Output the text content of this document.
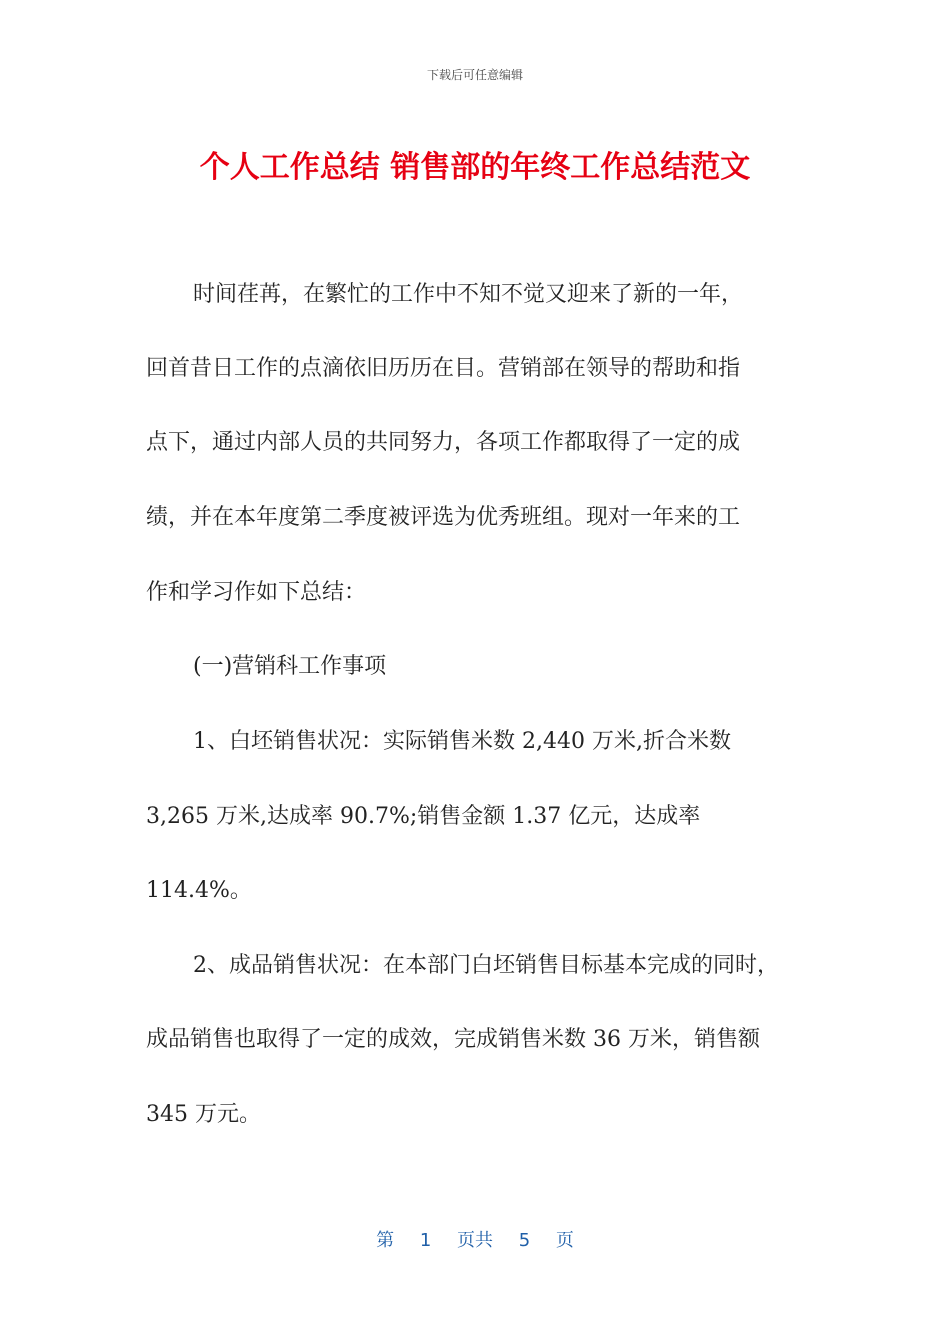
下载后可任意编辑
个人工作总结 销售部的年终工作总结范文
时间荏苒，在繁忙的工作中不知不觉又迎来了新的一年，
回首昔日工作的点滴依旧历历在目。营销部在领导的帮助和指
点下，通过内部人员的共同努力，各项工作都取得了一定的成
绩，并在本年度第二季度被评选为优秀班组。现对一年来的工
作和学习作如下总结：
(一)营销科工作事项
1、白坯销售状况：实际销售米数 2,440 万米,折合米数
3,265 万米,达成率 90.7%;销售金额 1.37 亿元，达成率
114.4%。
2、成品销售状况：在本部门白坯销售目标基本完成的同时，
成品销售也取得了一定的成效，完成销售米数 36 万米，销售额
345 万元。
第 1 页共 5 页
